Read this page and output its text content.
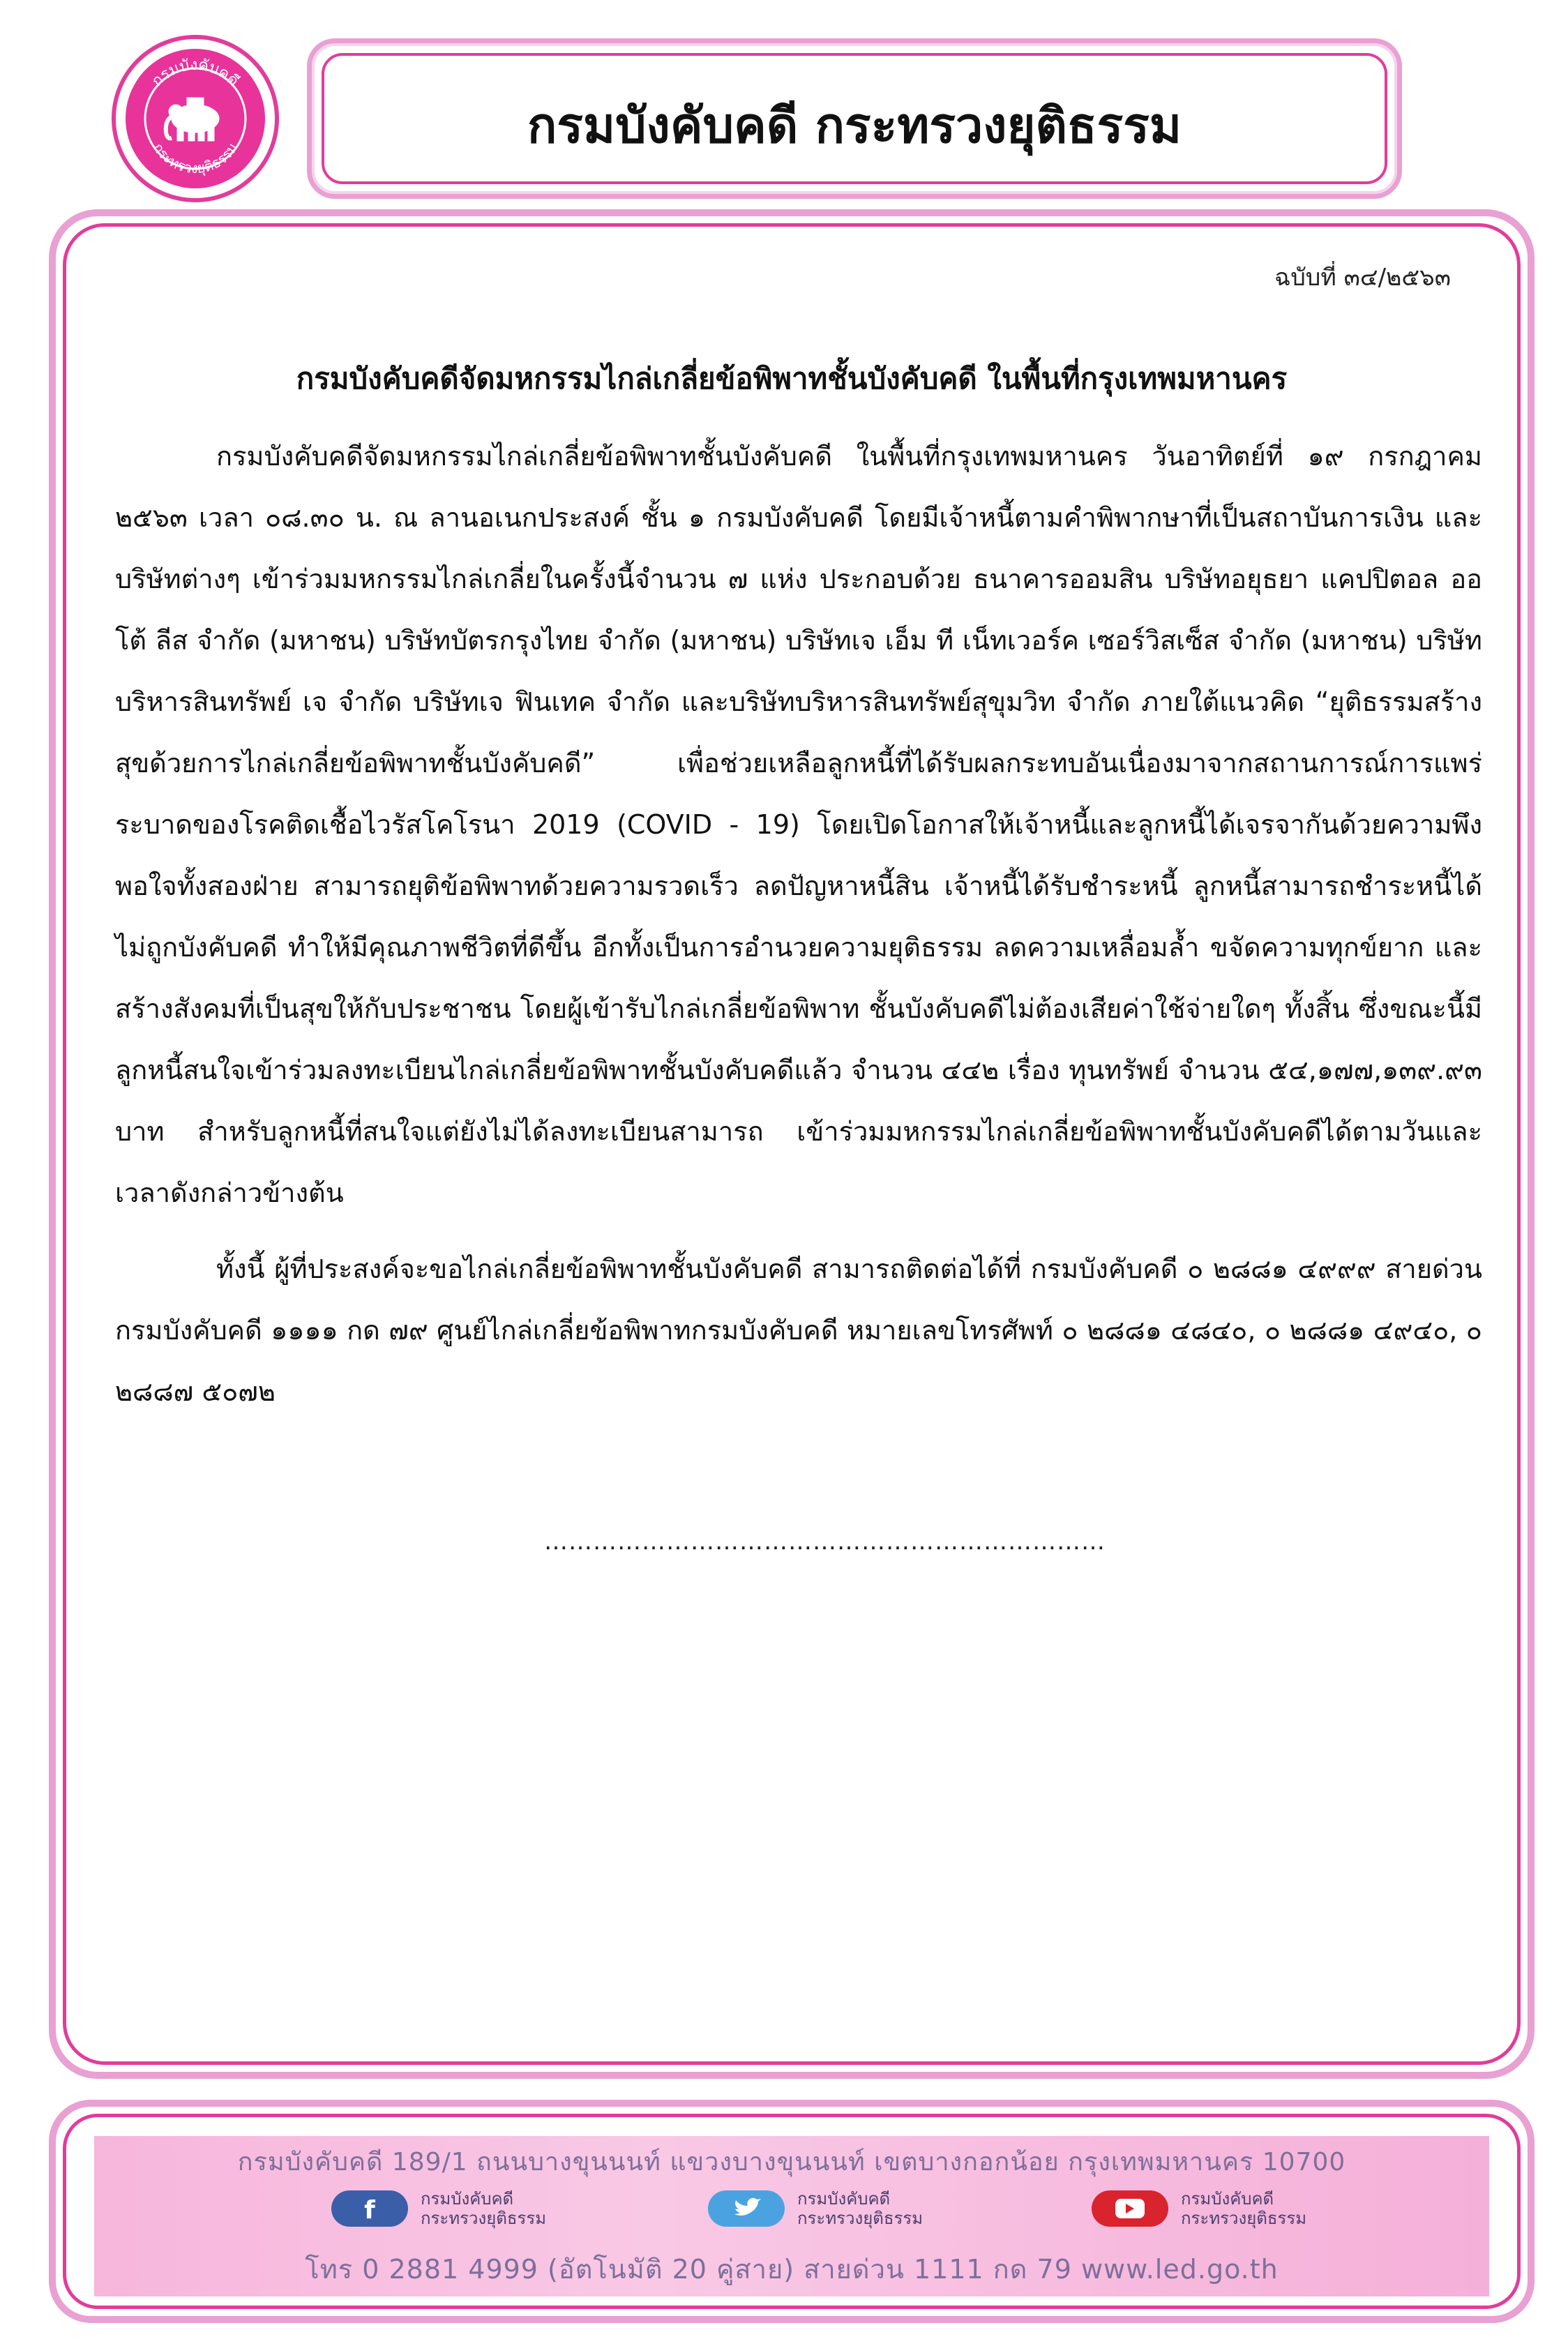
กรมบังคับคดี
กระทรวงยุติธรรม	กรมบังคับคดี กระทรวงยุติธรรม
ฉบับที่ ๓๔/๒๕๖๓
กรมบังคับคดีจัดมหกรรมไกล่เกลี่ยข้อพิพาทชั้นบังคับคดี ในพื้นที่กรุงเทพมหานคร
กรมบังคับคดีจัดมหกรรมไกล่เกลี่ยข้อพิพาทชั้นบังคับคดี ในพื้นที่กรุงเทพมหานคร วันอาทิตย์ที่ ๑๙ กรกฎาคม ๒๕๖๓ เวลา ๐๘.๓๐ น. ณ ลานอเนกประสงค์ ชั้น ๑ กรมบังคับคดี โดยมีเจ้าหนี้ตามคำพิพากษาที่เป็นสถาบันการเงิน และบริษัทต่างๆ เข้าร่วมมหกรรมไกล่เกลี่ยในครั้งนี้จำนวน ๗ แห่ง ประกอบด้วย ธนาคารออมสิน บริษัทอยุธยา แคปปิตอล ออโต้ ลีส จำกัด (มหาชน) บริษัทบัตรกรุงไทย จำกัด (มหาชน) บริษัทเจ เอ็ม ที เน็ทเวอร์ค เซอร์วิสเซ็ส จำกัด (มหาชน) บริษัทบริหารสินทรัพย์ เจ จำกัด บริษัทเจ ฟินเทค จำกัด และบริษัทบริหารสินทรัพย์สุขุมวิท จำกัด ภายใต้แนวคิด “ยุติธรรมสร้างสุขด้วยการไกล่เกลี่ยข้อพิพาทชั้นบังคับคดี” เพื่อช่วยเหลือลูกหนี้ที่ได้รับผลกระทบอันเนื่องมาจากสถานการณ์การแพร่ระบาดของโรคติดเชื้อไวรัสโคโรนา 2019 (COVID - 19) โดยเปิดโอกาสให้เจ้าหนี้และลูกหนี้ได้เจรจากันด้วยความพึงพอใจทั้งสองฝ่าย สามารถยุติข้อพิพาทด้วยความรวดเร็ว ลดปัญหาหนี้สิน เจ้าหนี้ได้รับชำระหนี้ ลูกหนี้สามารถชำระหนี้ได้ไม่ถูกบังคับคดี ทำให้มีคุณภาพชีวิตที่ดีขึ้น อีกทั้งเป็นการอำนวยความยุติธรรม ลดความเหลื่อมล้ำ ขจัดความทุกข์ยาก และสร้างสังคมที่เป็นสุขให้กับประชาชน โดยผู้เข้ารับไกล่เกลี่ยข้อพิพาท ชั้นบังคับคดีไม่ต้องเสียค่าใช้จ่ายใดๆ ทั้งสิ้น ซึ่งขณะนี้มีลูกหนี้สนใจเข้าร่วมลงทะเบียนไกล่เกลี่ยข้อพิพาทชั้นบังคับคดีแล้ว จำนวน ๔๔๒ เรื่อง ทุนทรัพย์ จำนวน ๕๔,๑๗๗,๑๓๙.๙๓ บาท สำหรับลูกหนี้ที่สนใจแต่ยังไม่ได้ลงทะเบียนสามารถ เข้าร่วมมหกรรมไกล่เกลี่ยข้อพิพาทชั้นบังคับคดีได้ตามวันและเวลาดังกล่าวข้างต้น
ทั้งนี้ ผู้ที่ประสงค์จะขอไกล่เกลี่ยข้อพิพาทชั้นบังคับคดี สามารถติดต่อได้ที่ กรมบังคับคดี ๐ ๒๘๘๑ ๔๙๙๙ สายด่วนกรมบังคับคดี ๑๑๑๑ กด ๗๙ ศูนย์ไกล่เกลี่ยข้อพิพาทกรมบังคับคดี หมายเลขโทรศัพท์ ๐ ๒๘๘๑ ๔๘๔๐, ๐ ๒๘๘๑ ๔๙๔๐, ๐ ๒๘๘๗ ๕๐๗๒
……………………………………………………………
กรมบังคับคดี 189/1 ถนนบางขุนนนท์ แขวงบางขุนนนท์ เขตบางกอกน้อย กรุงเทพมหานคร 10700
f	กรมบังคับคดี
กระทรวงยุติธรรม
กรมบังคับคดี
กระทรวงยุติธรรม
กรมบังคับคดี
กระทรวงยุติธรรม
โทร 0 2881 4999 (อัตโนมัติ 20 คู่สาย) สายด่วน 1111 กด 79 www.led.go.th
